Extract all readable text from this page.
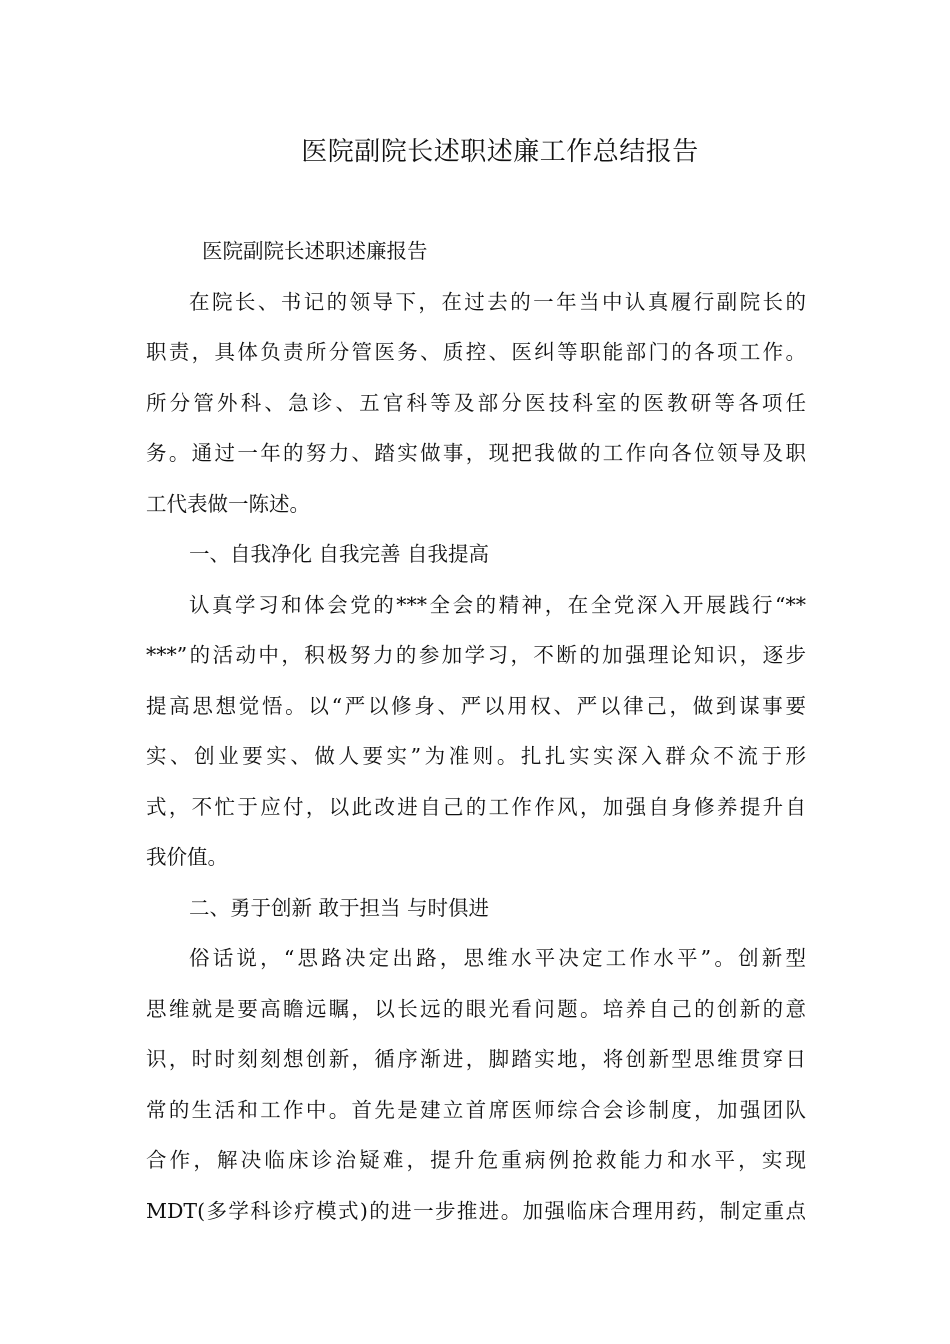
医院副院长述职述廉工作总结报告
医院副院长述职述廉报告
在院长、书记的领导下，在过去的一年当中认真履行副院长的
职责，具体负责所分管医务、质控、医纠等职能部门的各项工作。
所分管外科、急诊、五官科等及部分医技科室的医教研等各项任
务。通过一年的努力、踏实做事，现把我做的工作向各位领导及职
工代表做一陈述。
一、自我净化 自我完善 自我提高
认真学习和体会党的***全会的精神，在全党深入开展践行“**
***”的活动中，积极努力的参加学习，不断的加强理论知识，逐步
提高思想觉悟。以“严以修身、严以用权、严以律己，做到谋事要
实、创业要实、做人要实”为准则。扎扎实实深入群众不流于形
式，不忙于应付，以此改进自己的工作作风，加强自身修养提升自
我价值。
二、勇于创新 敢于担当 与时俱进
俗话说，“思路决定出路，思维水平决定工作水平”。创新型
思维就是要高瞻远瞩，以长远的眼光看问题。培养自己的创新的意
识，时时刻刻想创新，循序渐进，脚踏实地，将创新型思维贯穿日
常的生活和工作中。首先是建立首席医师综合会诊制度，加强团队
合作，解决临床诊治疑难，提升危重病例抢救能力和水平，实现
MDT(多学科诊疗模式)的进一步推进。加强临床合理用药，制定重点
